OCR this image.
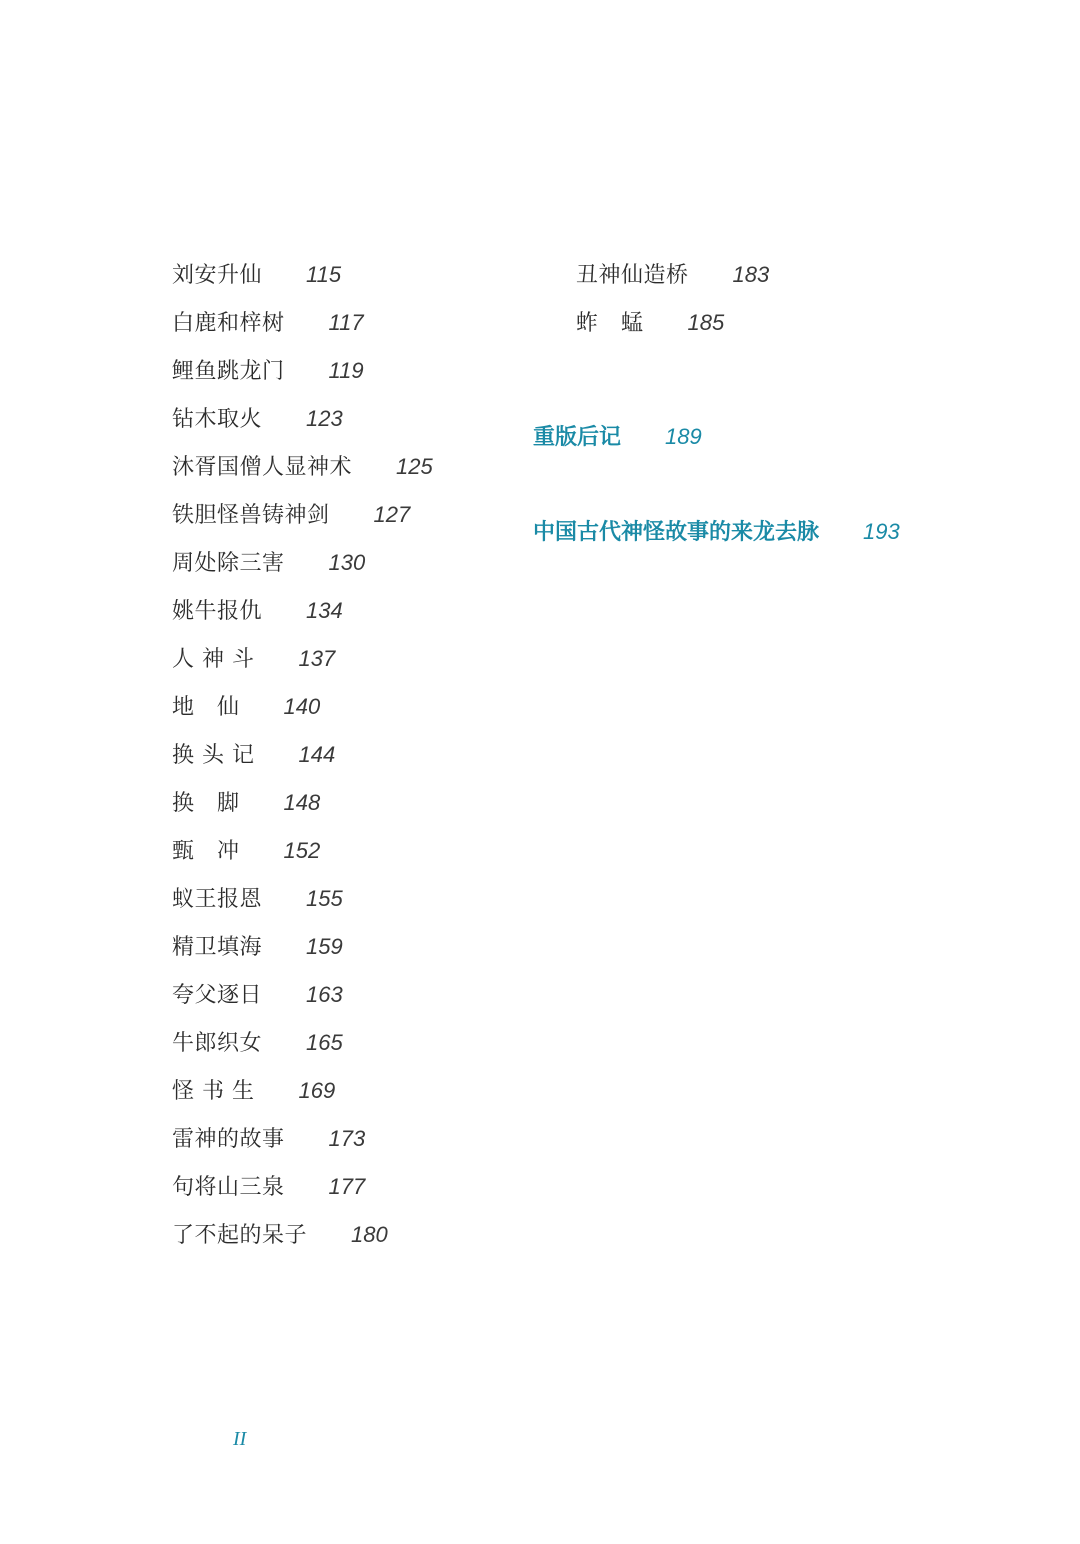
刘安升仙 115
白鹿和梓树 117
鲤鱼跳龙门 119
钻木取火 123
沐胥国僧人显神术 125
铁胆怪兽铸神剑 127
周处除三害 130
姚牛报仇 134
人 神 斗 137
地　仙 140
换 头 记 144
换　脚 148
甄　冲 152
蚁王报恩 155
精卫填海 159
夸父逐日 163
牛郎织女 165
怪 书 生 169
雷神的故事 173
句将山三泉 177
了不起的呆子 180
丑神仙造桥 183
蚱　蜢 185
重版后记 189
中国古代神怪故事的来龙去脉 193
II
